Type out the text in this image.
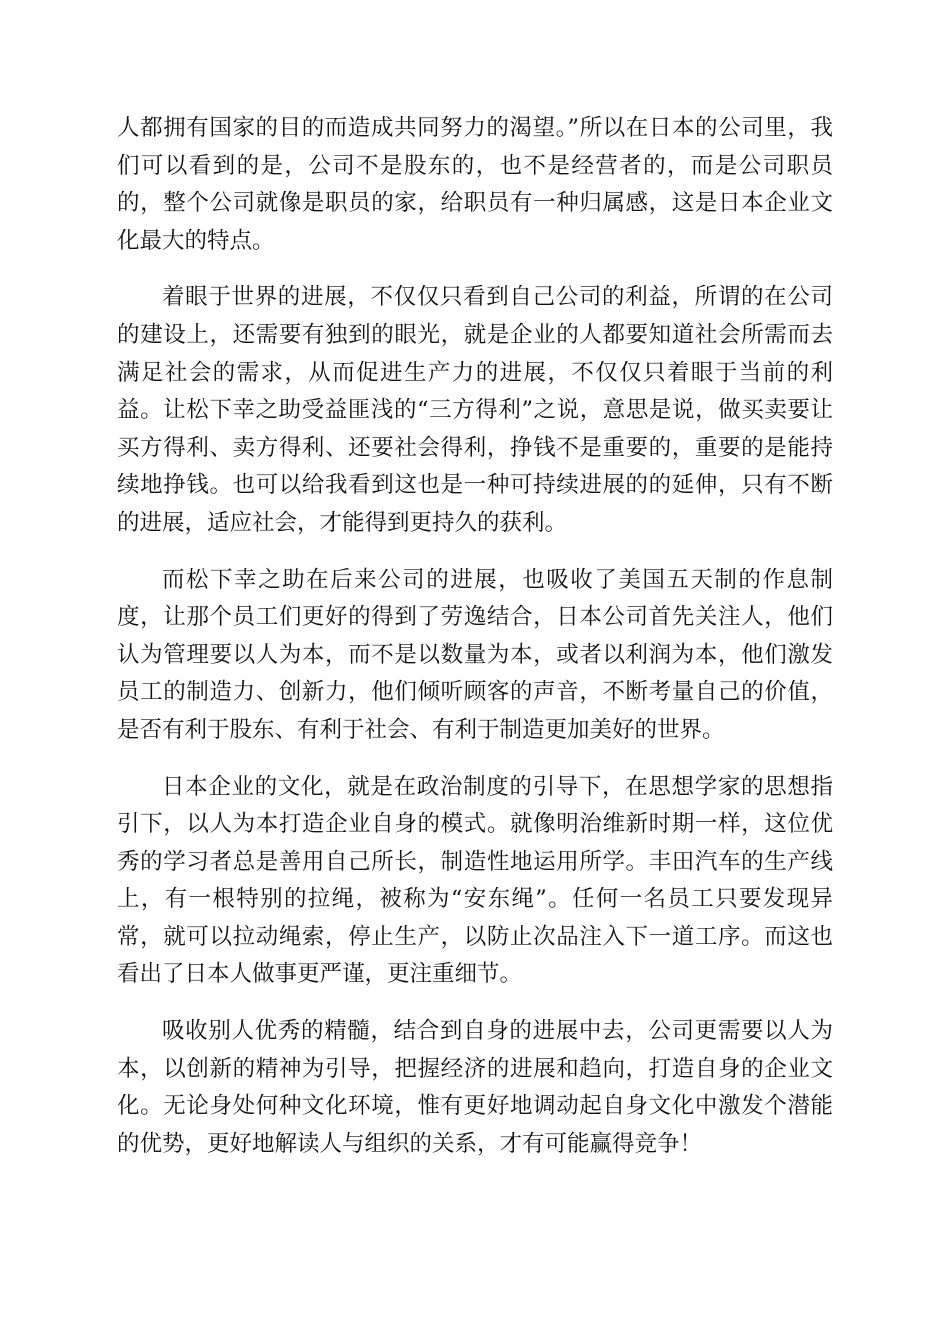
人都拥有国家的目的而造成共同努力的渴望。”所以在日本的公司里，我们可以看到的是，公司不是股东的，也不是经营者的，而是公司职员的，整个公司就像是职员的家，给职员有一种归属感，这是日本企业文化最大的特点。

着眼于世界的进展，不仅仅只看到自己公司的利益，所谓的在公司的建设上，还需要有独到的眼光，就是企业的人都要知道社会所需而去满足社会的需求，从而促进生产力的进展，不仅仅只着眼于当前的利益。让松下幸之助受益匪浅的“三方得利”之说，意思是说，做买卖要让买方得利、卖方得利、还要社会得利，挣钱不是重要的，重要的是能持续地挣钱。也可以给我看到这也是一种可持续进展的的延伸，只有不断的进展，适应社会，才能得到更持久的获利。

而松下幸之助在后来公司的进展，也吸收了美国五天制的作息制度，让那个员工们更好的得到了劳逸结合，日本公司首先关注人，他们认为管理要以人为本，而不是以数量为本，或者以利润为本，他们激发员工的制造力、创新力，他们倾听顾客的声音，不断考量自己的价值，是否有利于股东、有利于社会、有利于制造更加美好的世界。

日本企业的文化，就是在政治制度的引导下，在思想学家的思想指引下，以人为本打造企业自身的模式。就像明治维新时期一样，这位优秀的学习者总是善用自己所长，制造性地运用所学。丰田汽车的生产线上，有一根特别的拉绳，被称为“安东绳”。任何一名员工只要发现异常，就可以拉动绳索，停止生产，以防止次品注入下一道工序。而这也看出了日本人做事更严谨，更注重细节。

吸收别人优秀的精髓，结合到自身的进展中去，公司更需要以人为本，以创新的精神为引导，把握经济的进展和趋向，打造自身的企业文化。无论身处何种文化环境，惟有更好地调动起自身文化中激发个潜能的优势，更好地解读人与组织的关系，才有可能赢得竞争！
